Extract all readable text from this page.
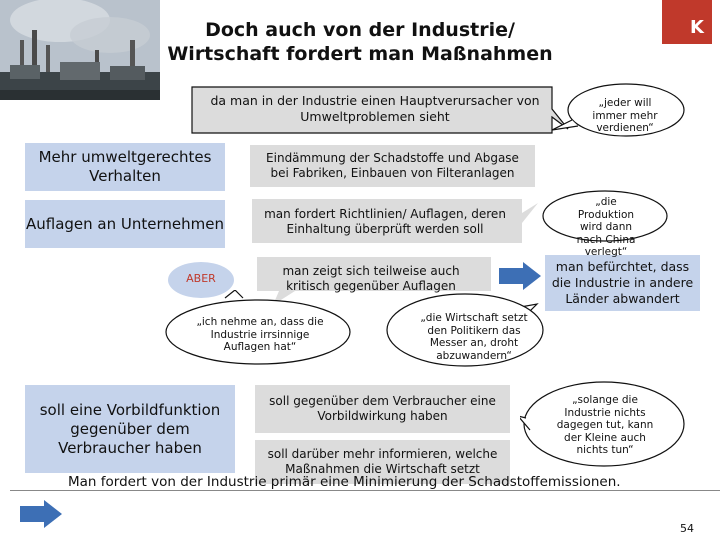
Doch auch von der Industrie/ Wirtschaft fordert man Maßnahmen
K
da man in der Industrie einen Hauptverursacher von Umweltproblemen sieht
„jeder will immer mehr verdienen“
Mehr umweltgerechtes Verhalten
Auflagen an Unternehmen
soll eine Vorbildfunktion gegenüber dem Verbraucher haben
ABER
Eindämmung der Schadstoffe und Abgase bei Fabriken, Einbauen von Filteranlagen
man fordert Richtlinien/ Auflagen, deren Einhaltung überprüft werden soll
man zeigt sich teilweise auch kritisch gegenüber Auflagen
man befürchtet, dass die Industrie in andere Länder abwandert
„die Produktion wird dann nach China verlegt“
„ich nehme an, dass die Industrie irrsinnige Auflagen hat“
„die Wirtschaft setzt den Politikern das Messer an, droht abzuwandern“
soll gegenüber dem Verbraucher eine Vorbildwirkung haben
soll darüber mehr informieren, welche Maßnahmen die Wirtschaft setzt
„solange die Industrie nichts dagegen tut, kann der Kleine auch nichts tun“
Man fordert von der Industrie primär eine Minimierung der Schadstoffemissionen.
54
